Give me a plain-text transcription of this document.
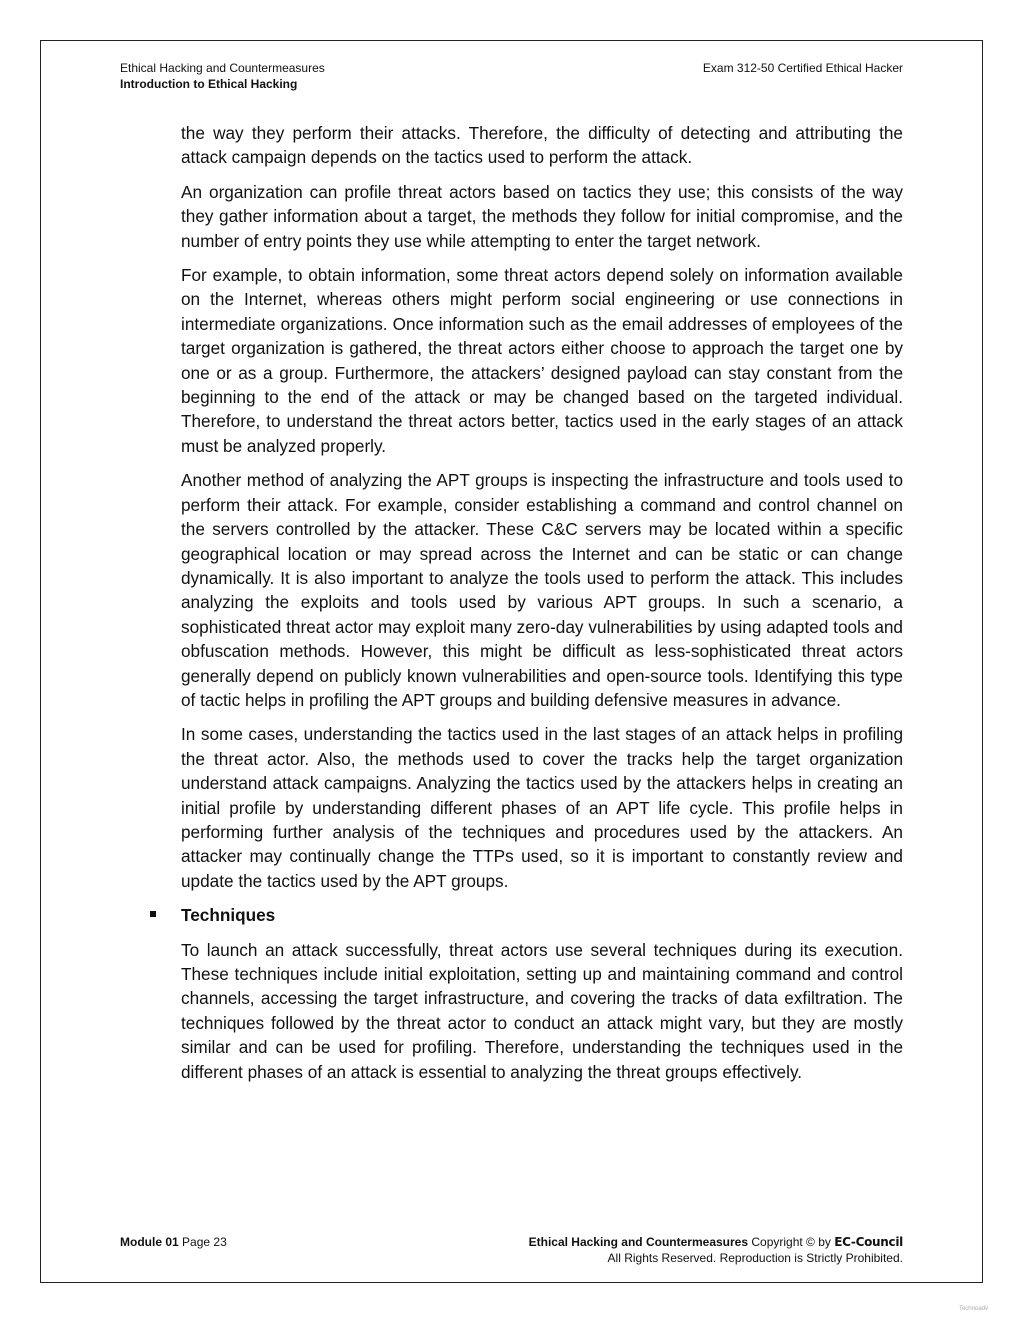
Ethical Hacking and Countermeasures
Introduction to Ethical Hacking
Exam 312-50 Certified Ethical Hacker

the way they perform their attacks. Therefore, the difficulty of detecting and attributing the attack campaign depends on the tactics used to perform the attack.

An organization can profile threat actors based on tactics they use; this consists of the way they gather information about a target, the methods they follow for initial compromise, and the number of entry points they use while attempting to enter the target network.

For example, to obtain information, some threat actors depend solely on information available on the Internet, whereas others might perform social engineering or use connections in intermediate organizations. Once information such as the email addresses of employees of the target organization is gathered, the threat actors either choose to approach the target one by one or as a group. Furthermore, the attackers’ designed payload can stay constant from the beginning to the end of the attack or may be changed based on the targeted individual. Therefore, to understand the threat actors better, tactics used in the early stages of an attack must be analyzed properly.

Another method of analyzing the APT groups is inspecting the infrastructure and tools used to perform their attack. For example, consider establishing a command and control channel on the servers controlled by the attacker. These C&C servers may be located within a specific geographical location or may spread across the Internet and can be static or can change dynamically. It is also important to analyze the tools used to perform the attack. This includes analyzing the exploits and tools used by various APT groups. In such a scenario, a sophisticated threat actor may exploit many zero-day vulnerabilities by using adapted tools and obfuscation methods. However, this might be difficult as less-sophisticated threat actors generally depend on publicly known vulnerabilities and open-source tools. Identifying this type of tactic helps in profiling the APT groups and building defensive measures in advance.

In some cases, understanding the tactics used in the last stages of an attack helps in profiling the threat actor. Also, the methods used to cover the tracks help the target organization understand attack campaigns. Analyzing the tactics used by the attackers helps in creating an initial profile by understanding different phases of an APT life cycle. This profile helps in performing further analysis of the techniques and procedures used by the attackers. An attacker may continually change the TTPs used, so it is important to constantly review and update the tactics used by the APT groups.

Techniques

To launch an attack successfully, threat actors use several techniques during its execution. These techniques include initial exploitation, setting up and maintaining command and control channels, accessing the target infrastructure, and covering the tracks of data exfiltration. The techniques followed by the threat actor to conduct an attack might vary, but they are mostly similar and can be used for profiling. Therefore, understanding the techniques used in the different phases of an attack is essential to analyzing the threat groups effectively.

Module 01 Page 23	Ethical Hacking and Countermeasures Copyright © by EC-Council
All Rights Reserved. Reproduction is Strictly Prohibited.
Technoadv
